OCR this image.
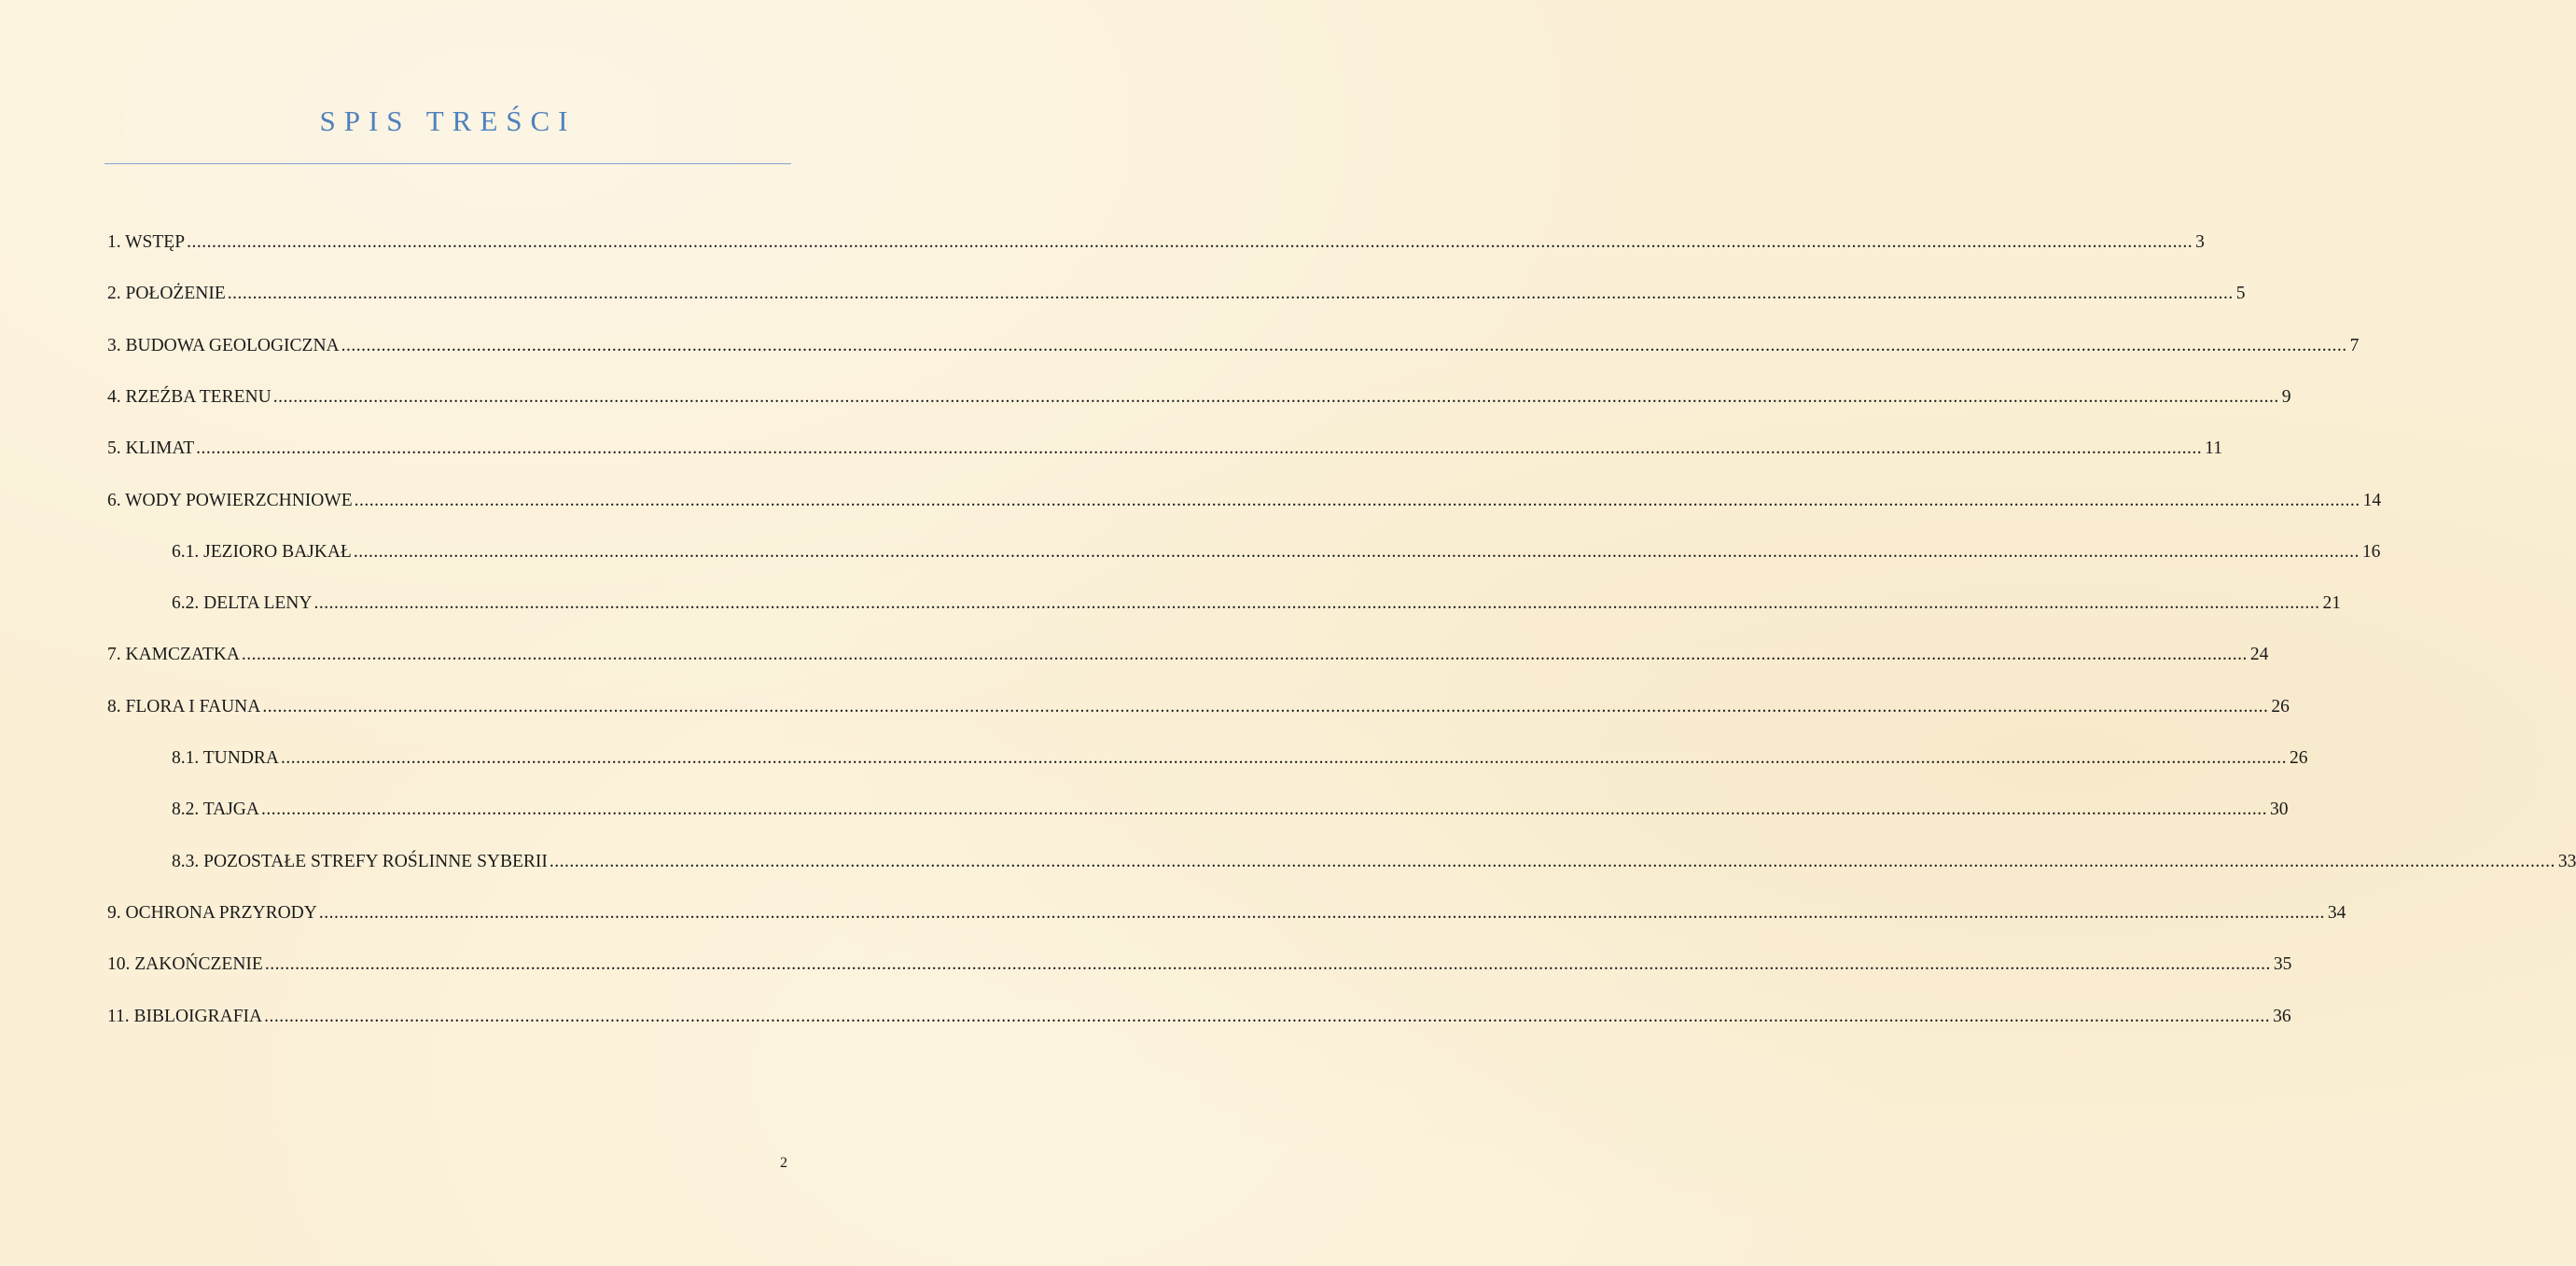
SPIS TREŚCI
1. WSTĘP ................................................................................................................................................................................................................................................................................................................................................................................................................ 3
2. POŁOŻENIE ................................................................................................................................................................................................................................................................................................................................................................................................................ 5
3. BUDOWA GEOLOGICZNA ................................................................................................................................................................................................................................................................................................................................................................................................................ 7
4. RZEŹBA TERENU ................................................................................................................................................................................................................................................................................................................................................................................................................ 9
5. KLIMAT ................................................................................................................................................................................................................................................................................................................................................................................................................ 11
6. WODY POWIERZCHNIOWE ................................................................................................................................................................................................................................................................................................................................................................................................................ 14
6.1. JEZIORO BAJKAŁ ................................................................................................................................................................................................................................................................................................................................................................................................................ 16
6.2. DELTA LENY ................................................................................................................................................................................................................................................................................................................................................................................................................ 21
7. KAMCZATKA ................................................................................................................................................................................................................................................................................................................................................................................................................ 24
8. FLORA I FAUNA ................................................................................................................................................................................................................................................................................................................................................................................................................ 26
8.1. TUNDRA ................................................................................................................................................................................................................................................................................................................................................................................................................ 26
8.2. TAJGA ................................................................................................................................................................................................................................................................................................................................................................................................................ 30
8.3. POZOSTAŁE STREFY ROŚLINNE SYBERII ................................................................................................................................................................................................................................................................................................................................................................................................................ 33
9. OCHRONA PRZYRODY ................................................................................................................................................................................................................................................................................................................................................................................................................ 34
10. ZAKOŃCZENIE ................................................................................................................................................................................................................................................................................................................................................................................................................ 35
11. BIBLOIGRAFIA ................................................................................................................................................................................................................................................................................................................................................................................................................ 36
2
